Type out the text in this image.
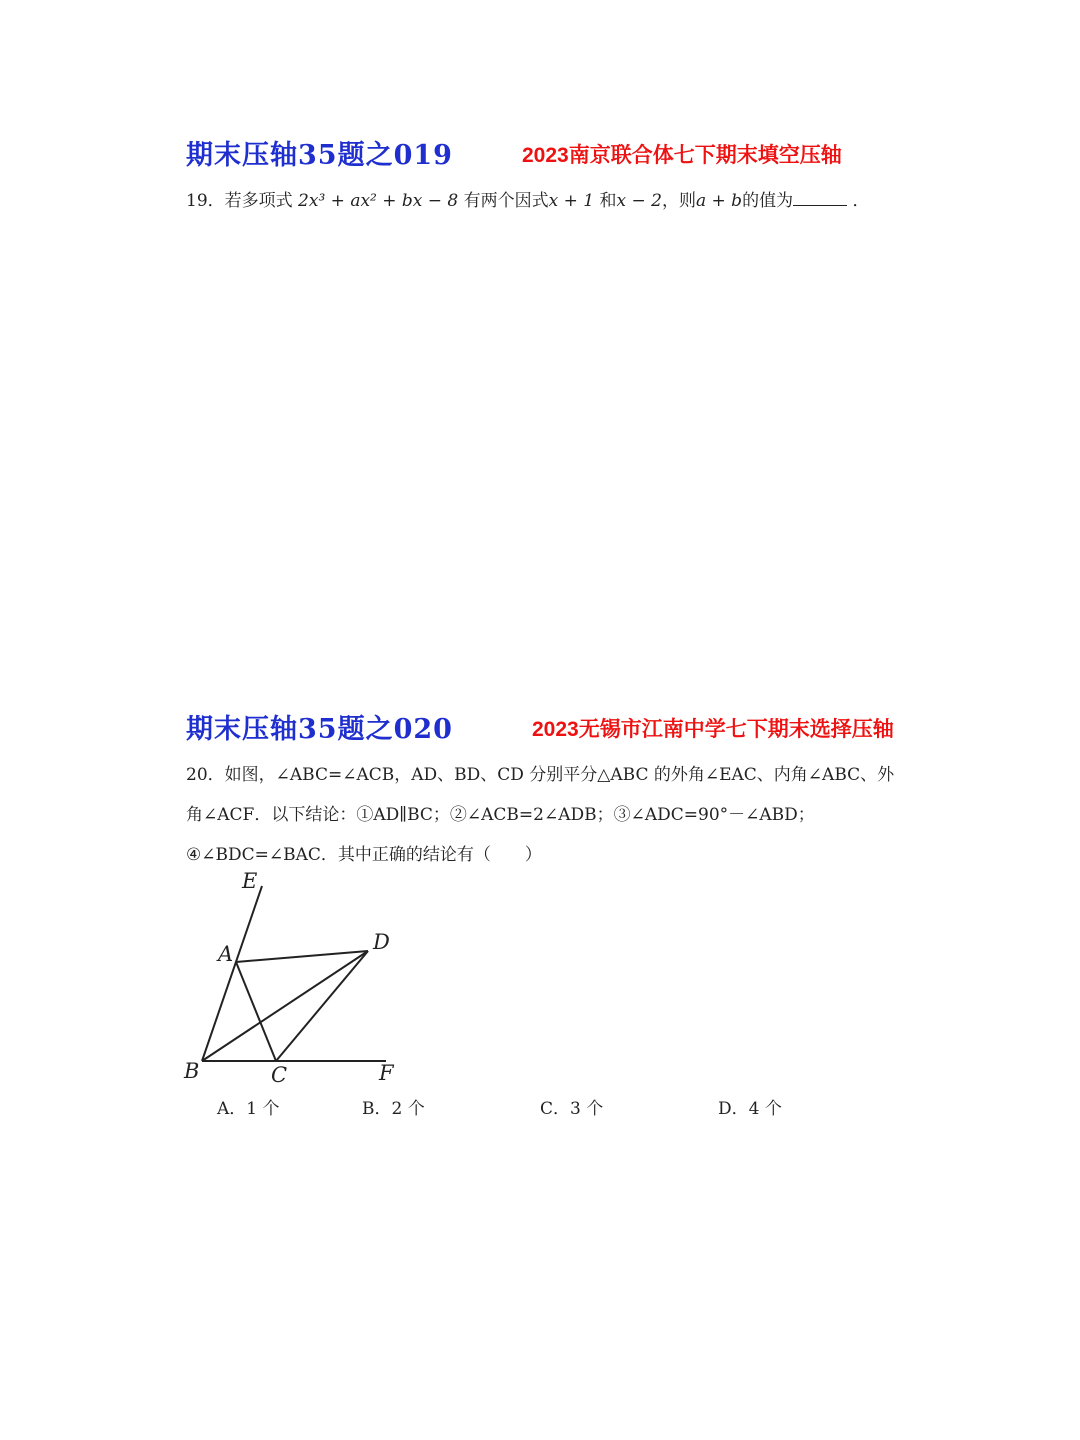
期末压轴35题之019	2023南京联合体七下期末填空压轴
19．若多项式 2x³ + ax² + bx − 8 有两个因式x + 1 和x − 2，则a + b的值为	．
期末压轴35题之020	2023无锡市江南中学七下期末选择压轴
20．如图，∠ABC=∠ACB，AD、BD、CD 分别平分△ABC 的外角∠EAC、内角∠ABC、外
角∠ACF．以下结论：①AD∥BC；②∠ACB=2∠ADB；③∠ADC=90°－∠ABD；
④∠BDC=∠BAC．其中正确的结论有（　　）
E
A	D
B	C	F
A．1 个	B．2 个	C．3 个	D．4 个
